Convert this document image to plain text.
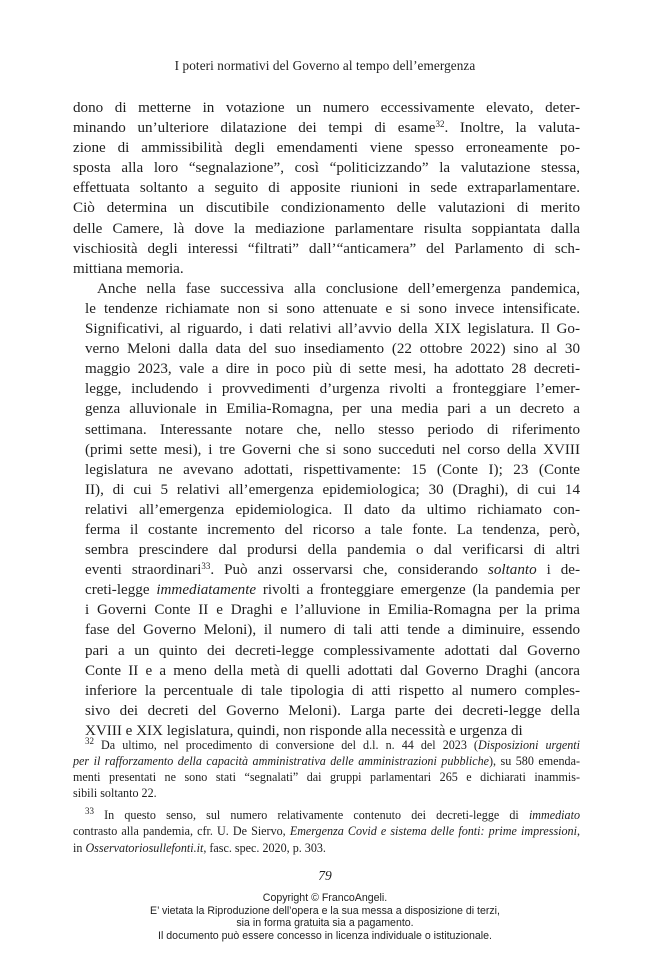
I poteri normativi del Governo al tempo dell’emergenza

dono di metterne in votazione un numero eccessivamente elevato, deter-
minando un’ulteriore dilatazione dei tempi di esame$^{32}$. Inoltre, la valuta-
zione di ammissibilità degli emendamenti viene spesso erroneamente po-
sposta alla loro “segnalazione”, così “politicizzando” la valutazione stessa,
effettuata soltanto a seguito di apposite riunioni in sede extraparlamentare.
Ciò determina un discutibile condizionamento delle valutazioni di merito
delle Camere, là dove la mediazione parlamentare risulta soppiantata dalla
vischiosità degli interessi “filtrati” dall’“anticamera” del Parlamento di sch-
mittiana memoria.

Anche nella fase successiva alla conclusione dell’emergenza pandemica,
le tendenze richiamate non si sono attenuate e si sono invece intensificate.
Significativi, al riguardo, i dati relativi all’avvio della XIX legislatura. Il Go-
verno Meloni dalla data del suo insediamento (22 ottobre 2022) sino al 30
maggio 2023, vale a dire in poco più di sette mesi, ha adottato 28 decreti-
legge, includendo i provvedimenti d’urgenza rivolti a fronteggiare l’emer-
genza alluvionale in Emilia-Romagna, per una media pari a un decreto a
settimana. Interessante notare che, nello stesso periodo di riferimento
(primi sette mesi), i tre Governi che si sono succeduti nel corso della XVIII
legislatura ne avevano adottati, rispettivamente: 15 (Conte I); 23 (Conte
II), di cui 5 relativi all’emergenza epidemiologica; 30 (Draghi), di cui 14
relativi all’emergenza epidemiologica. Il dato da ultimo richiamato con-
ferma il costante incremento del ricorso a tale fonte. La tendenza, però,
sembra prescindere dal prodursi della pandemia o dal verificarsi di altri
eventi straordinari$^{33}$. Può anzi osservarsi che, considerando soltanto i de-
creti-legge immediatamente rivolti a fronteggiare emergenze (la pandemia per
i Governi Conte II e Draghi e l’alluvione in Emilia-Romagna per la prima
fase del Governo Meloni), il numero di tali atti tende a diminuire, essendo
pari a un quinto dei decreti-legge complessivamente adottati dal Governo
Conte II e a meno della metà di quelli adottati dal Governo Draghi (ancora
inferiore la percentuale di tale tipologia di atti rispetto al numero comples-
sivo dei decreti del Governo Meloni). Larga parte dei decreti-legge della
XVIII e XIX legislatura, quindi, non risponde alla necessità e urgenza di

$^{32}$ Da ultimo, nel procedimento di conversione del d.l. n. 44 del 2023 (Disposizioni urgenti
per il rafforzamento della capacità amministrativa delle amministrazioni pubbliche), su 580 emenda-
menti presentati ne sono stati “segnalati” dai gruppi parlamentari 265 e dichiarati inammis-
sibili soltanto 22.
$^{33}$ In questo senso, sul numero relativamente contenuto dei decreti-legge di immediato
contrasto alla pandemia, cfr. U. De Siervo, Emergenza Covid e sistema delle fonti: prime impressioni,
in Osservatoriosullefonti.it, fasc. spec. 2020, p. 303.
79
Copyright © FrancoAngeli.
E’ vietata la Riproduzione dell’opera e la sua messa a disposizione di terzi,
sia in forma gratuita sia a pagamento.
Il documento può essere concesso in licenza individuale o istituzionale.
